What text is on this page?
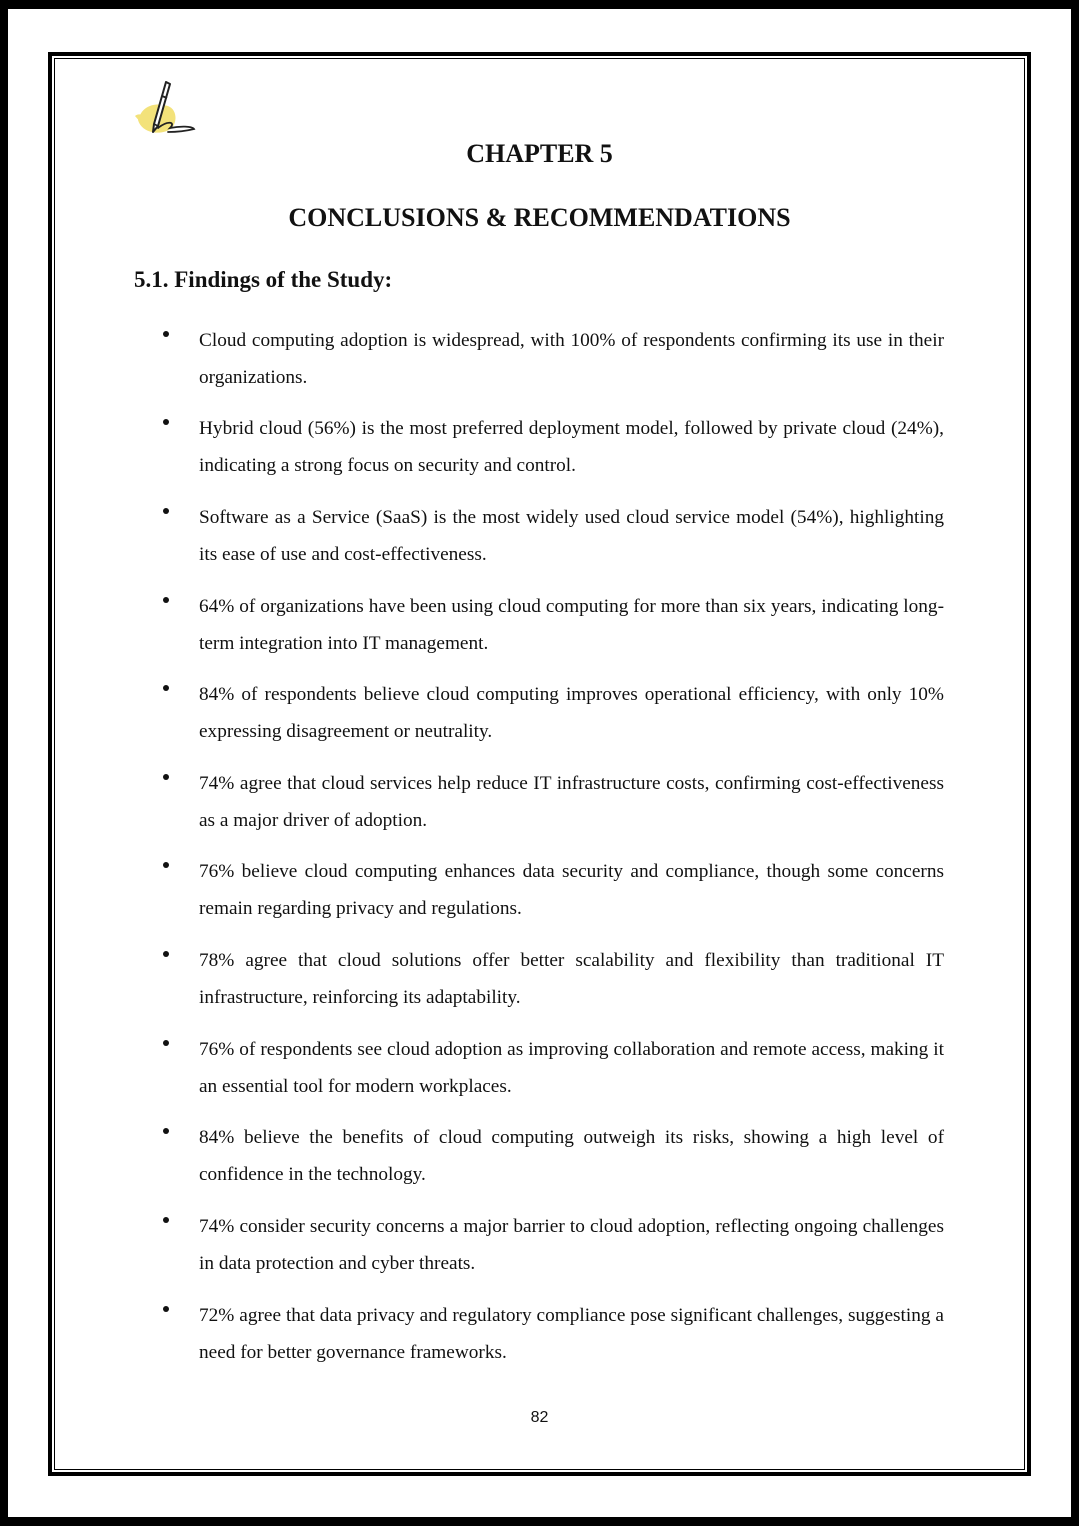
CHAPTER 5
CONCLUSIONS & RECOMMENDATIONS
5.1. Findings of the Study:

Cloud computing adoption is widespread, with 100% of respondents confirming its use in their organizations.

Hybrid cloud (56%) is the most preferred deployment model, followed by private cloud (24%), indicating a strong focus on security and control.

Software as a Service (SaaS) is the most widely used cloud service model (54%), highlighting its ease of use and cost-effectiveness.

64% of organizations have been using cloud computing for more than six years, indicating long-term integration into IT management.

84% of respondents believe cloud computing improves operational efficiency, with only 10% expressing disagreement or neutrality.

74% agree that cloud services help reduce IT infrastructure costs, confirming cost-effectiveness as a major driver of adoption.

76% believe cloud computing enhances data security and compliance, though some concerns remain regarding privacy and regulations.

78% agree that cloud solutions offer better scalability and flexibility than traditional IT infrastructure, reinforcing its adaptability.

76% of respondents see cloud adoption as improving collaboration and remote access, making it an essential tool for modern workplaces.

84% believe the benefits of cloud computing outweigh its risks, showing a high level of confidence in the technology.

74% consider security concerns a major barrier to cloud adoption, reflecting ongoing challenges in data protection and cyber threats.

72% agree that data privacy and regulatory compliance pose significant challenges, suggesting a need for better governance frameworks.

82
